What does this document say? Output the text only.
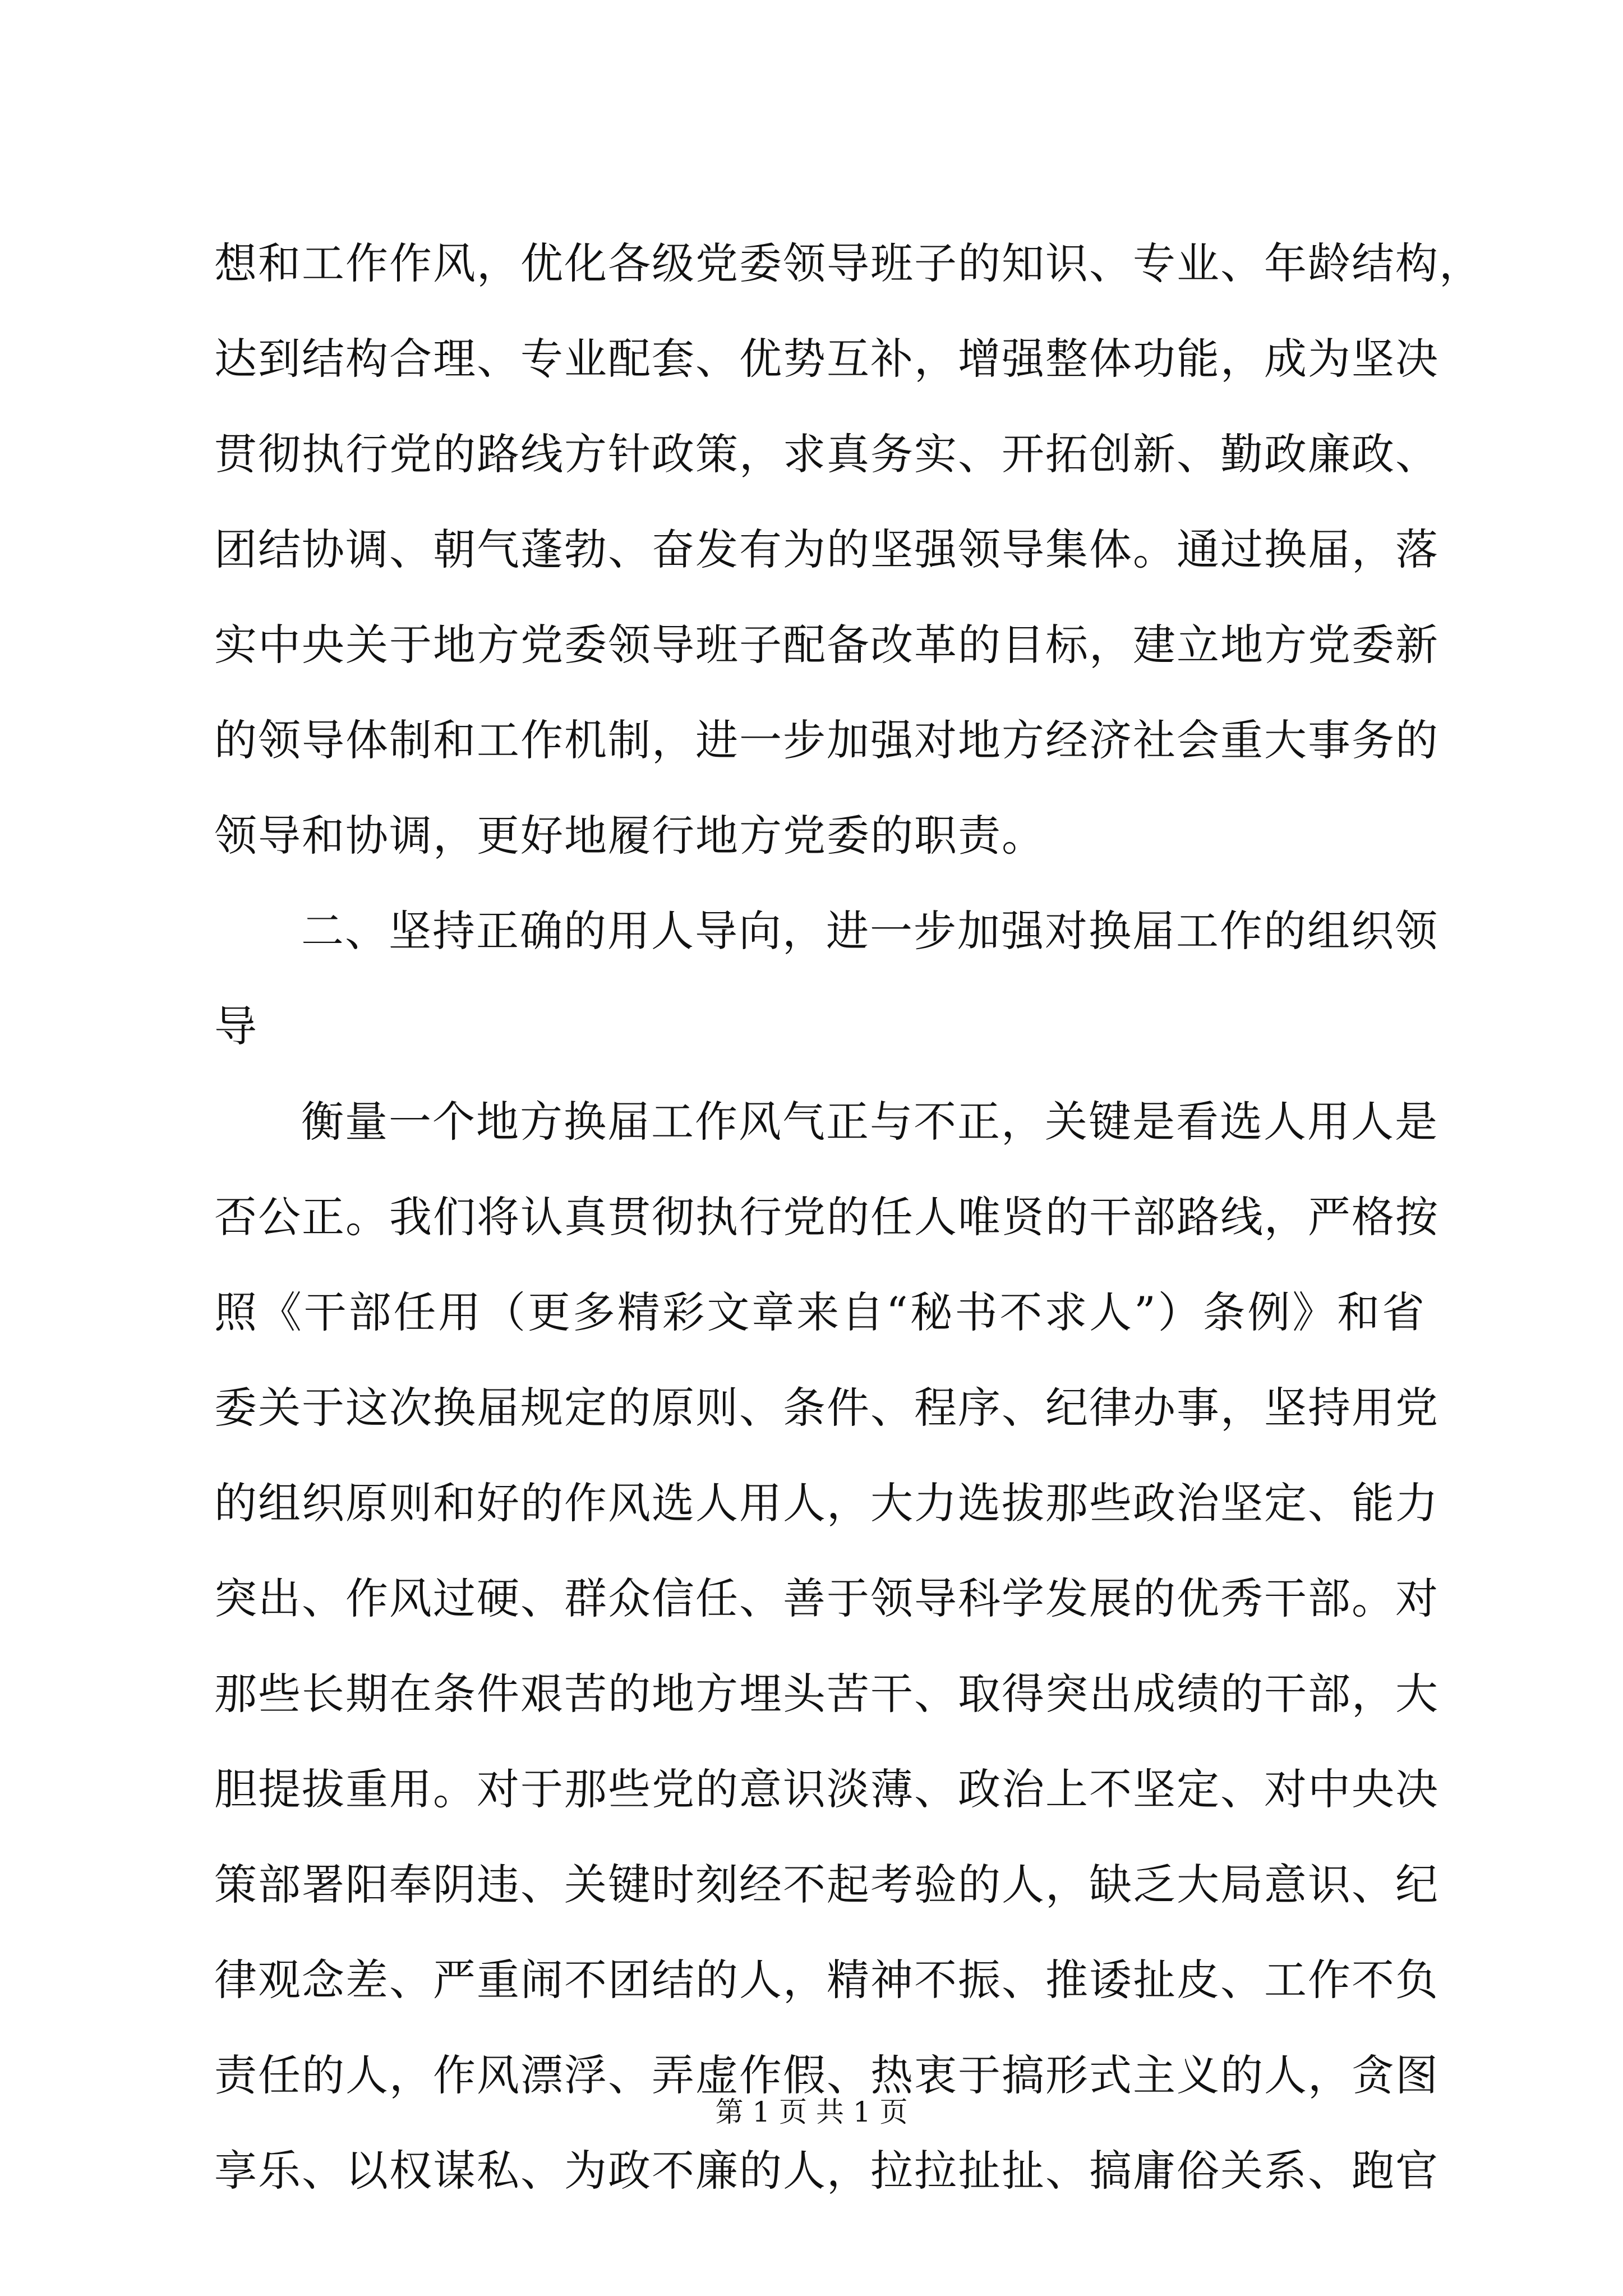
想和工作作风，优化各级党委领导班子的知识、专业、年龄结构，
达到结构合理、专业配套、优势互补，增强整体功能，成为坚决
贯彻执行党的路线方针政策，求真务实、开拓创新、勤政廉政、
团结协调、朝气蓬勃、奋发有为的坚强领导集体。通过换届，落
实中央关于地方党委领导班子配备改革的目标，建立地方党委新
的领导体制和工作机制，进一步加强对地方经济社会重大事务的
领导和协调，更好地履行地方党委的职责。
二、坚持正确的用人导向，进一步加强对换届工作的组织领
导
衡量一个地方换届工作风气正与不正，关键是看选人用人是
否公正。我们将认真贯彻执行党的任人唯贤的干部路线，严格按
照《干部任用（更多精彩文章来自“秘书不求人”）条例》和省
委关于这次换届规定的原则、条件、程序、纪律办事，坚持用党
的组织原则和好的作风选人用人，大力选拔那些政治坚定、能力
突出、作风过硬、群众信任、善于领导科学发展的优秀干部。对
那些长期在条件艰苦的地方埋头苦干、取得突出成绩的干部，大
胆提拔重用。对于那些党的意识淡薄、政治上不坚定、对中央决
策部署阳奉阴违、关键时刻经不起考验的人，缺乏大局意识、纪
律观念差、严重闹不团结的人，精神不振、推诿扯皮、工作不负
责任的人，作风漂浮、弄虚作假、热衷于搞形式主义的人，贪图
享乐、以权谋私、为政不廉的人，拉拉扯扯、搞庸俗关系、跑官
第 1 页 共 1 页
